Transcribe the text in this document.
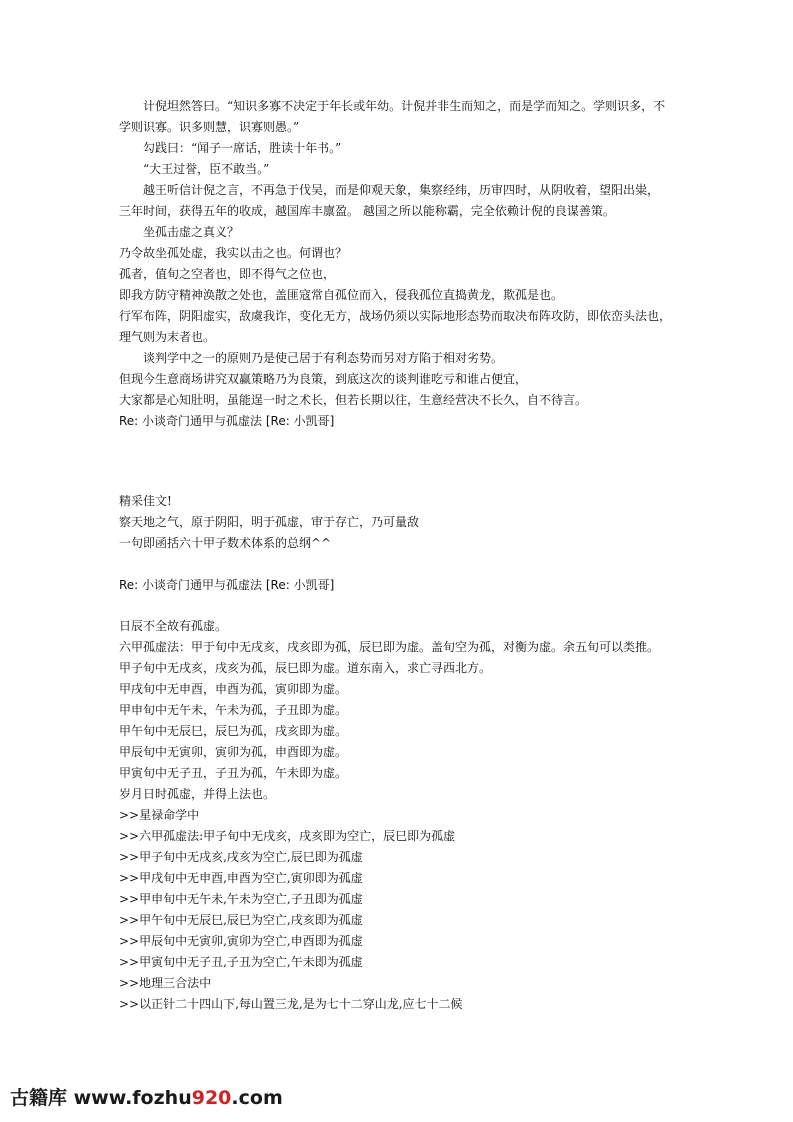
计倪坦然答曰。“知识多寡不决定于年长或年幼。计倪并非生而知之，而是学而知之。学则识多，不
学则识寡。识多则慧，识寡则愚。”
勾践曰：“闻子一席话，胜读十年书。”
“大王过誉，臣不敢当。”
越王听信计倪之言，不再急于伐吴，而是仰观天象，集察经纬，历审四时，从阴收着，望阳出粜，
三年时间，获得五年的收成，越国库丰廪盈。 越国之所以能称霸，完全依赖计倪的良谋善策。
坐孤击虚之真义？
乃令故坐孤处虚，我实以击之也。何谓也？
孤者，值旬之空者也，即不得气之位也，
即我方防守精神涣散之处也，盖匪寇常自孤位而入，侵我孤位直捣黄龙，欺孤是也。
行军布阵，阴阳虚实，敌虞我诈，变化无方，战场仍须以实际地形态势而取决布阵攻防，即依峦头法也，
理气则为末者也。
谈判学中之一的原则乃是使己居于有利态势而另对方陷于相对劣势。
但现今生意商场讲究双赢策略乃为良策，到底这次的谈判谁吃亏和谁占便宜，
大家都是心知肚明，虽能逞一时之术长，但若长期以往，生意经营决不长久，自不待言。
Re: 小谈奇门通甲与孤虚法 [Re: 小凯哥]
精采佳文!
察天地之气，原于阴阳，明于孤虚，审于存亡，乃可量敌
一句即函括六十甲子数术体系的总纲^^
Re: 小谈奇门通甲与孤虚法 [Re: 小凯哥]
日辰不全故有孤虚。
六甲孤虚法：甲于旬中无戌亥，戌亥即为孤，辰巳即为虚。盖旬空为孤，对衡为虚。余五旬可以类推。
甲子旬中无戌亥，戌亥为孤，辰巳即为虚。道东南入，求亡寻西北方。
甲戌旬中无申酉，申酉为孤，寅卯即为虚。
甲申旬中无午未，午未为孤，子丑即为虚。
甲午旬中无辰巳，辰巳为孤，戌亥即为虚。
甲辰旬中无寅卯，寅卯为孤，申酉即为虚。
甲寅旬中无子丑，子丑为孤，午未即为虚。
岁月日时孤虚，并得上法也。
>>星禄命学中
>>六甲孤虚法:甲子旬中无戌亥，戌亥即为空亡，辰巳即为孤虚
>>甲子旬中无戌亥,戌亥为空亡,辰巳即为孤虚
>>甲戌旬中无申酉,申酉为空亡,寅卯即为孤虚
>>甲申旬中无午未,午未为空亡,子丑即为孤虚
>>甲午旬中无辰巳,辰巳为空亡,戌亥即为孤虚
>>甲辰旬中无寅卯,寅卯为空亡,申酉即为孤虚
>>甲寅旬中无子丑,子丑为空亡,午未即为孤虚
>>地理三合法中
>>以正针二十四山下,每山置三龙,是为七十二穿山龙,应七十二候
古籍库 www.fozhu920.com
